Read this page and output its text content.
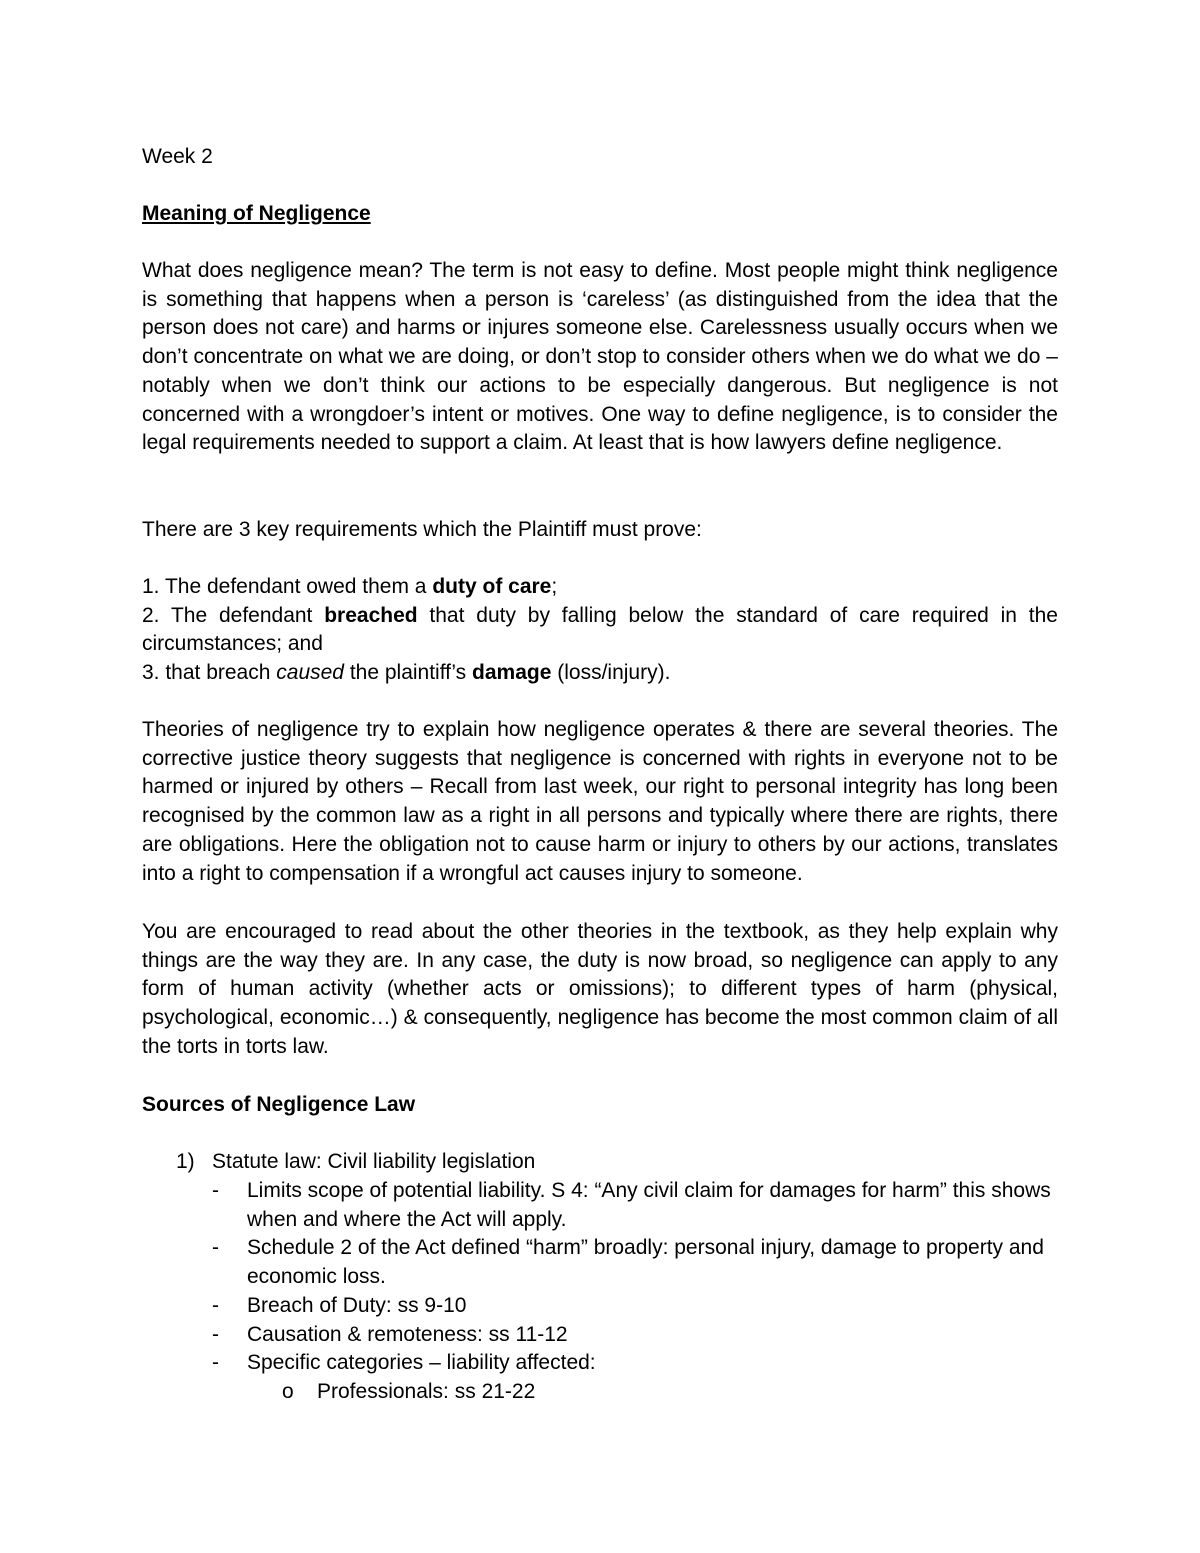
Week 2

Meaning of Negligence

What does negligence mean? The term is not easy to define. Most people might think negligence is something that happens when a person is ‘careless’ (as distinguished from the idea that the person does not care) and harms or injures someone else. Carelessness usually occurs when we don’t concentrate on what we are doing, or don’t stop to consider others when we do what we do – notably when we don’t think our actions to be especially dangerous. But negligence is not concerned with a wrongdoer’s intent or motives. One way to define negligence, is to consider the legal requirements needed to support a claim. At least that is how lawyers define negligence.

There are 3 key requirements which the Plaintiff must prove:

1. The defendant owed them a duty of care;
2. The defendant breached that duty by falling below the standard of care required in the circumstances; and
3. that breach caused the plaintiff’s damage (loss/injury).

Theories of negligence try to explain how negligence operates & there are several theories. The corrective justice theory suggests that negligence is concerned with rights in everyone not to be harmed or injured by others – Recall from last week, our right to personal integrity has long been recognised by the common law as a right in all persons and typically where there are rights, there are obligations. Here the obligation not to cause harm or injury to others by our actions, translates into a right to compensation if a wrongful act causes injury to someone.

You are encouraged to read about the other theories in the textbook, as they help explain why things are the way they are. In any case, the duty is now broad, so negligence can apply to any form of human activity (whether acts or omissions); to different types of harm (physical, psychological, economic…) & consequently, negligence has become the most common claim of all the torts in torts law.

Sources of Negligence Law

1) Statute law: Civil liability legislation
- Limits scope of potential liability. S 4: “Any civil claim for damages for harm” this shows when and where the Act will apply.
- Schedule 2 of the Act defined “harm” broadly: personal injury, damage to property and economic loss.
- Breach of Duty: ss 9-10
- Causation & remoteness: ss 11-12
- Specific categories – liability affected:
o Professionals: ss 21-22
